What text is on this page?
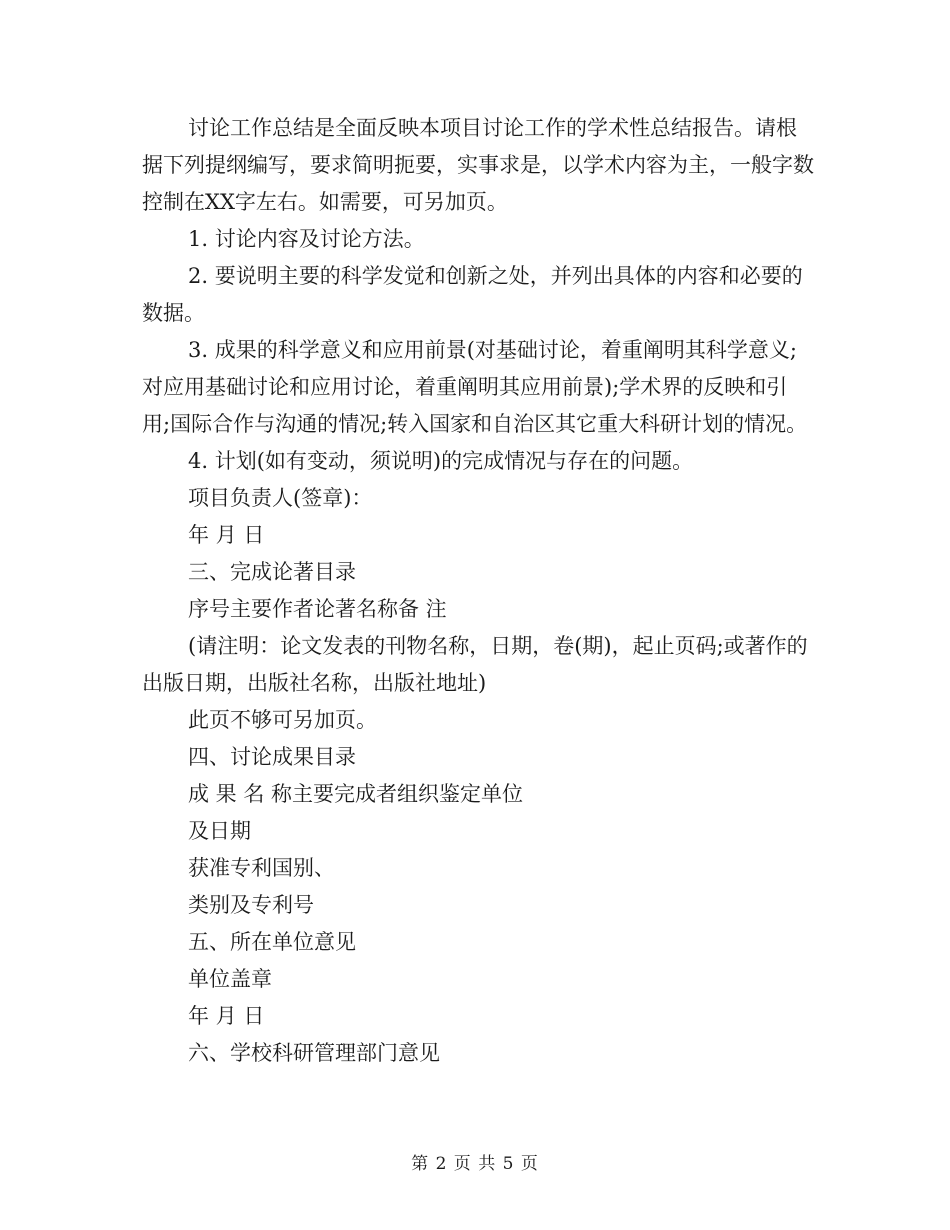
讨论工作总结是全面反映本项目讨论工作的学术性总结报告。请根据下列提纲编写，要求简明扼要，实事求是，以学术内容为主，一般字数控制在XX字左右。如需要，可另加页。

1. 讨论内容及讨论方法。

2. 要说明主要的科学发觉和创新之处，并列出具体的内容和必要的数据。

3. 成果的科学意义和应用前景(对基础讨论，着重阐明其科学意义;对应用基础讨论和应用讨论，着重阐明其应用前景);学术界的反映和引用;国际合作与沟通的情况;转入国家和自治区其它重大科研计划的情况。

4. 计划(如有变动，须说明)的完成情况与存在的问题。

项目负责人(签章)：

年 月 日

三、完成论著目录

序号主要作者论著名称备 注

(请注明：论文发表的刊物名称，日期，卷(期)，起止页码;或著作的出版日期，出版社名称，出版社地址)

此页不够可另加页。

四、讨论成果目录

成 果 名 称主要完成者组织鉴定单位

及日期

获准专利国别、

类别及专利号

五、所在单位意见

单位盖章

年 月 日

六、学校科研管理部门意见

第 2 页 共 5 页
